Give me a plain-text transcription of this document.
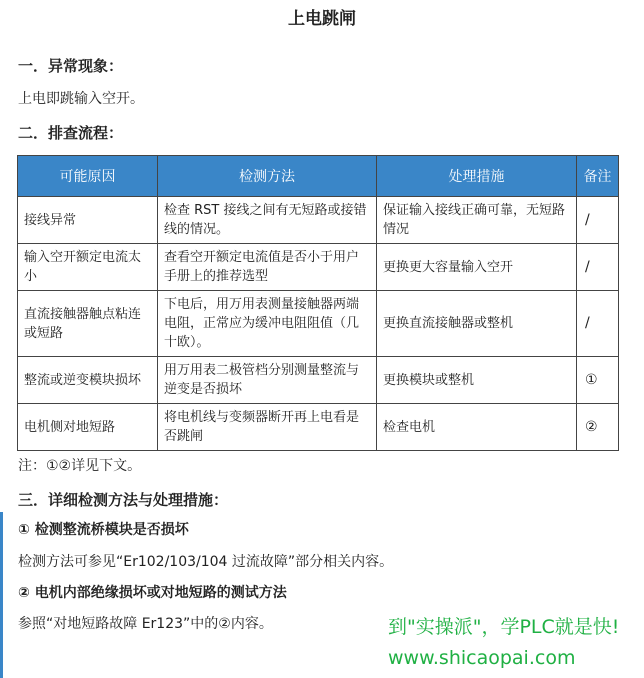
上电跳闸
一．异常现象：
上电即跳输入空开。
二．排查流程：
可能原因	检测方法	处理措施	备注
接线异常	检查 RST 接线之间有无短路或接错线的情况。	保证输入接线正确可靠，无短路情况	/
输入空开额定电流太小	查看空开额定电流值是否小于用户手册上的推荐选型	更换更大容量输入空开	/
直流接触器触点粘连或短路	下电后，用万用表测量接触器两端电阻，正常应为缓冲电阻阻值（几十欧）。	更换直流接触器或整机	/
整流或逆变模块损坏	用万用表二极管档分别测量整流与逆变是否损坏	更换模块或整机	①
电机侧对地短路	将电机线与变频器断开再上电看是否跳闸	检查电机	②
注：①②详见下文。
三．详细检测方法与处理措施：
① 检测整流桥模块是否损坏
检测方法可参见“Er102/103/104 过流故障”部分相关内容。
② 电机内部绝缘损坏或对地短路的测试方法
参照“对地短路故障 Er123”中的②内容。	到"实操派"，学PLC就是快!
www.shicaopai.com
